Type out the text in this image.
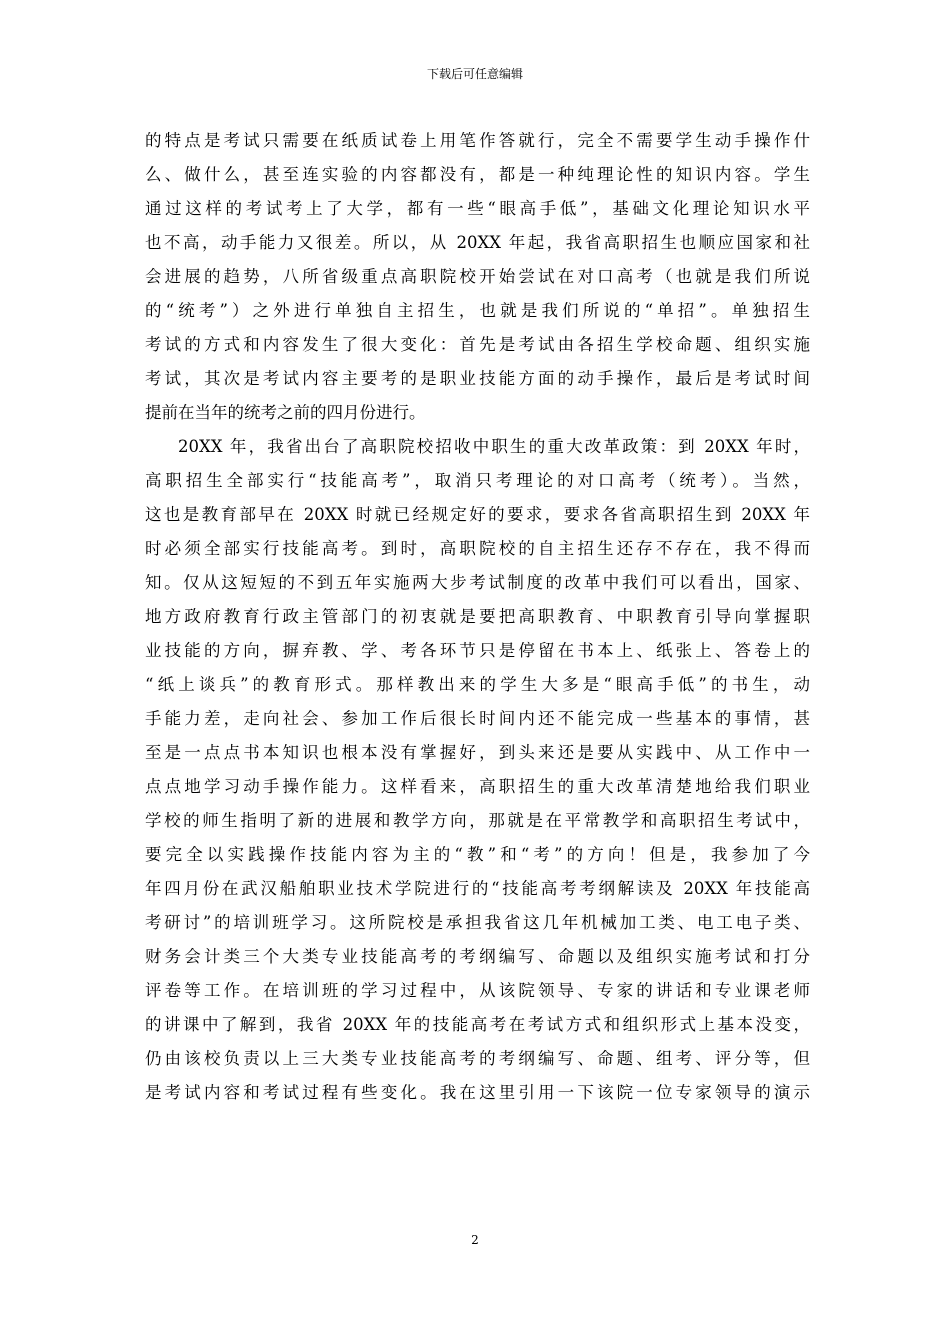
下载后可任意编辑
的特点是考试只需要在纸质试卷上用笔作答就行，完全不需要学生动手操作什
么、做什么，甚至连实验的内容都没有，都是一种纯理论性的知识内容。学生
通过这样的考试考上了大学，都有一些“眼高手低”，基础文化理论知识水平
也不高，动手能力又很差。所以，从 20XX 年起，我省高职招生也顺应国家和社
会进展的趋势，八所省级重点高职院校开始尝试在对口高考（也就是我们所说
的“统考”）之外进行单独自主招生，也就是我们所说的“单招”。单独招生
考试的方式和内容发生了很大变化：首先是考试由各招生学校命题、组织实施
考试，其次是考试内容主要考的是职业技能方面的动手操作，最后是考试时间
提前在当年的统考之前的四月份进行。
20XX 年，我省出台了高职院校招收中职生的重大改革政策：到 20XX 年时，
高职招生全部实行“技能高考”，取消只考理论的对口高考（统考）。当然，
这也是教育部早在 20XX 时就已经规定好的要求，要求各省高职招生到 20XX 年
时必须全部实行技能高考。到时，高职院校的自主招生还存不存在，我不得而
知。仅从这短短的不到五年实施两大步考试制度的改革中我们可以看出，国家、
地方政府教育行政主管部门的初衷就是要把高职教育、中职教育引导向掌握职
业技能的方向，摒弃教、学、考各环节只是停留在书本上、纸张上、答卷上的
“纸上谈兵”的教育形式。那样教出来的学生大多是“眼高手低”的书生，动
手能力差，走向社会、参加工作后很长时间内还不能完成一些基本的事情，甚
至是一点点书本知识也根本没有掌握好，到头来还是要从实践中、从工作中一
点点地学习动手操作能力。这样看来，高职招生的重大改革清楚地给我们职业
学校的师生指明了新的进展和教学方向，那就是在平常教学和高职招生考试中，
要完全以实践操作技能内容为主的“教”和“考”的方向！但是，我参加了今
年四月份在武汉船舶职业技术学院进行的“技能高考考纲解读及 20XX 年技能高
考研讨”的培训班学习。这所院校是承担我省这几年机械加工类、电工电子类、
财务会计类三个大类专业技能高考的考纲编写、命题以及组织实施考试和打分
评卷等工作。在培训班的学习过程中，从该院领导、专家的讲话和专业课老师
的讲课中了解到，我省 20XX 年的技能高考在考试方式和组织形式上基本没变，
仍由该校负责以上三大类专业技能高考的考纲编写、命题、组考、评分等，但
是考试内容和考试过程有些变化。我在这里引用一下该院一位专家领导的演示
2
